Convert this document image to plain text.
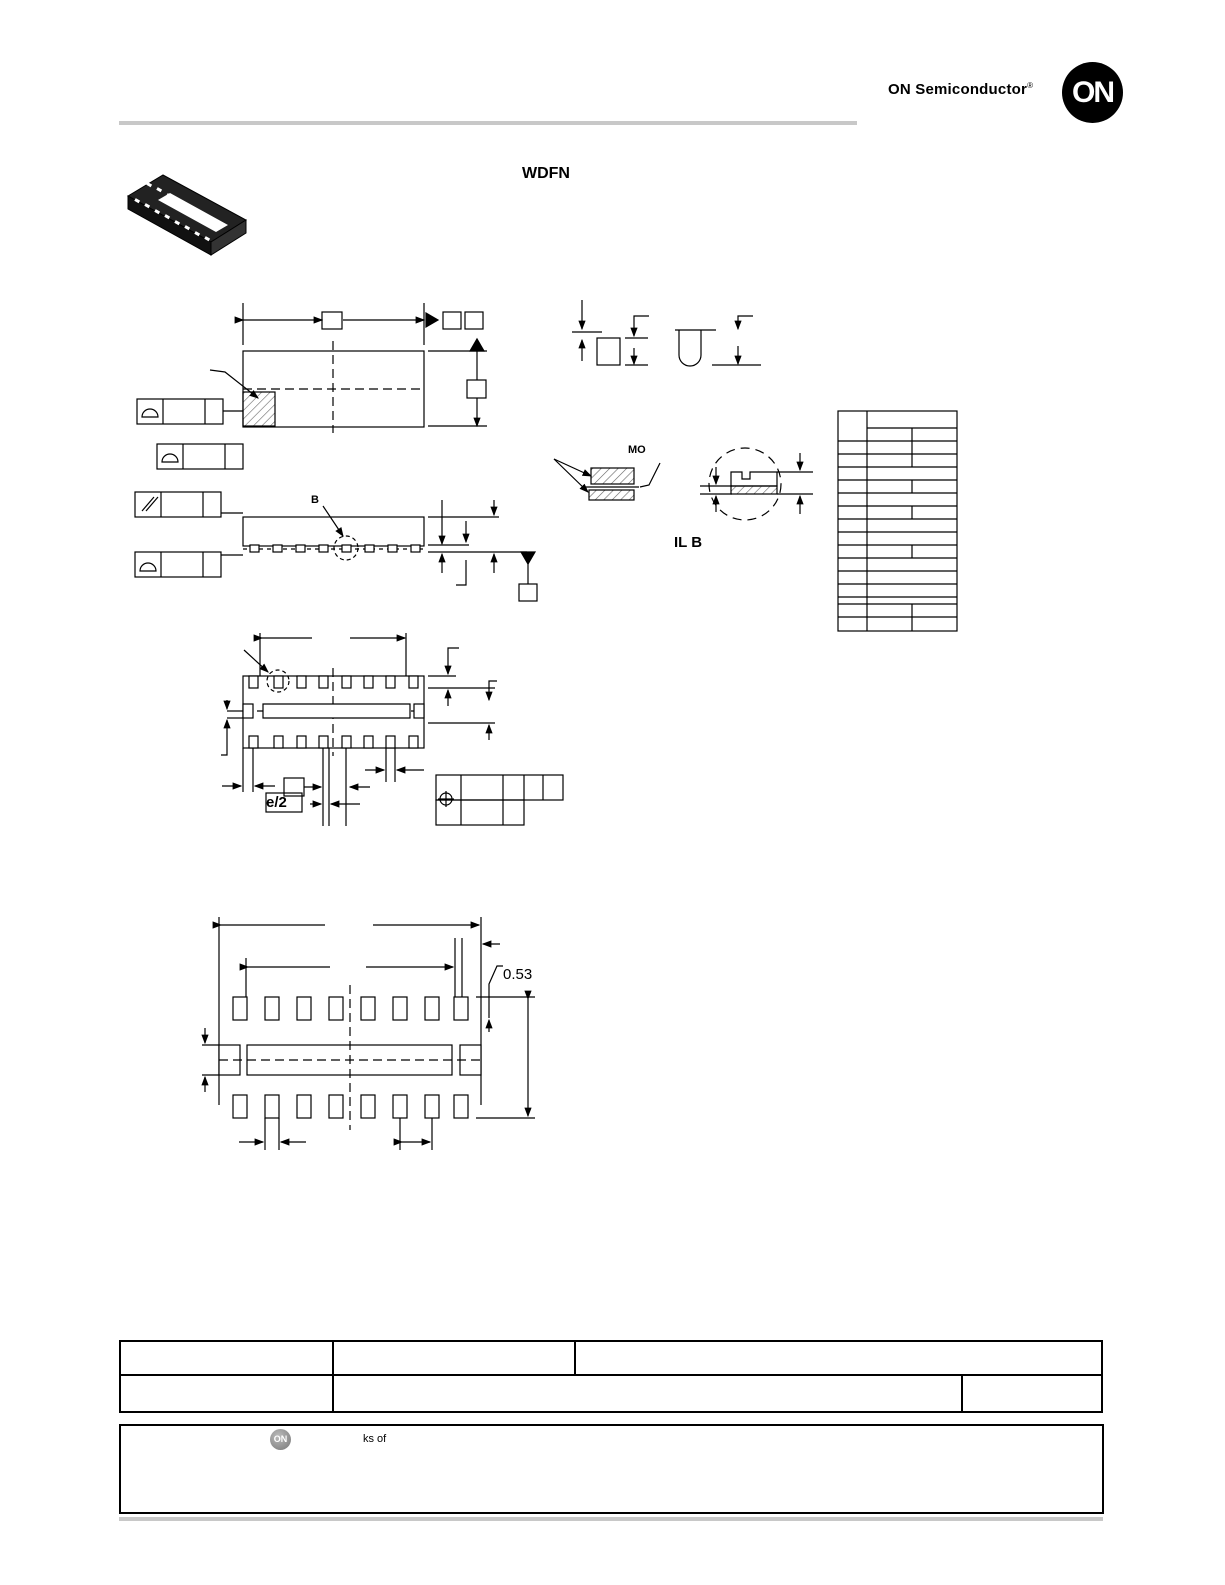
ON Semiconductor®	ON
WDFN
B
MO
IL B
e/2
0.53
ON	ks of
